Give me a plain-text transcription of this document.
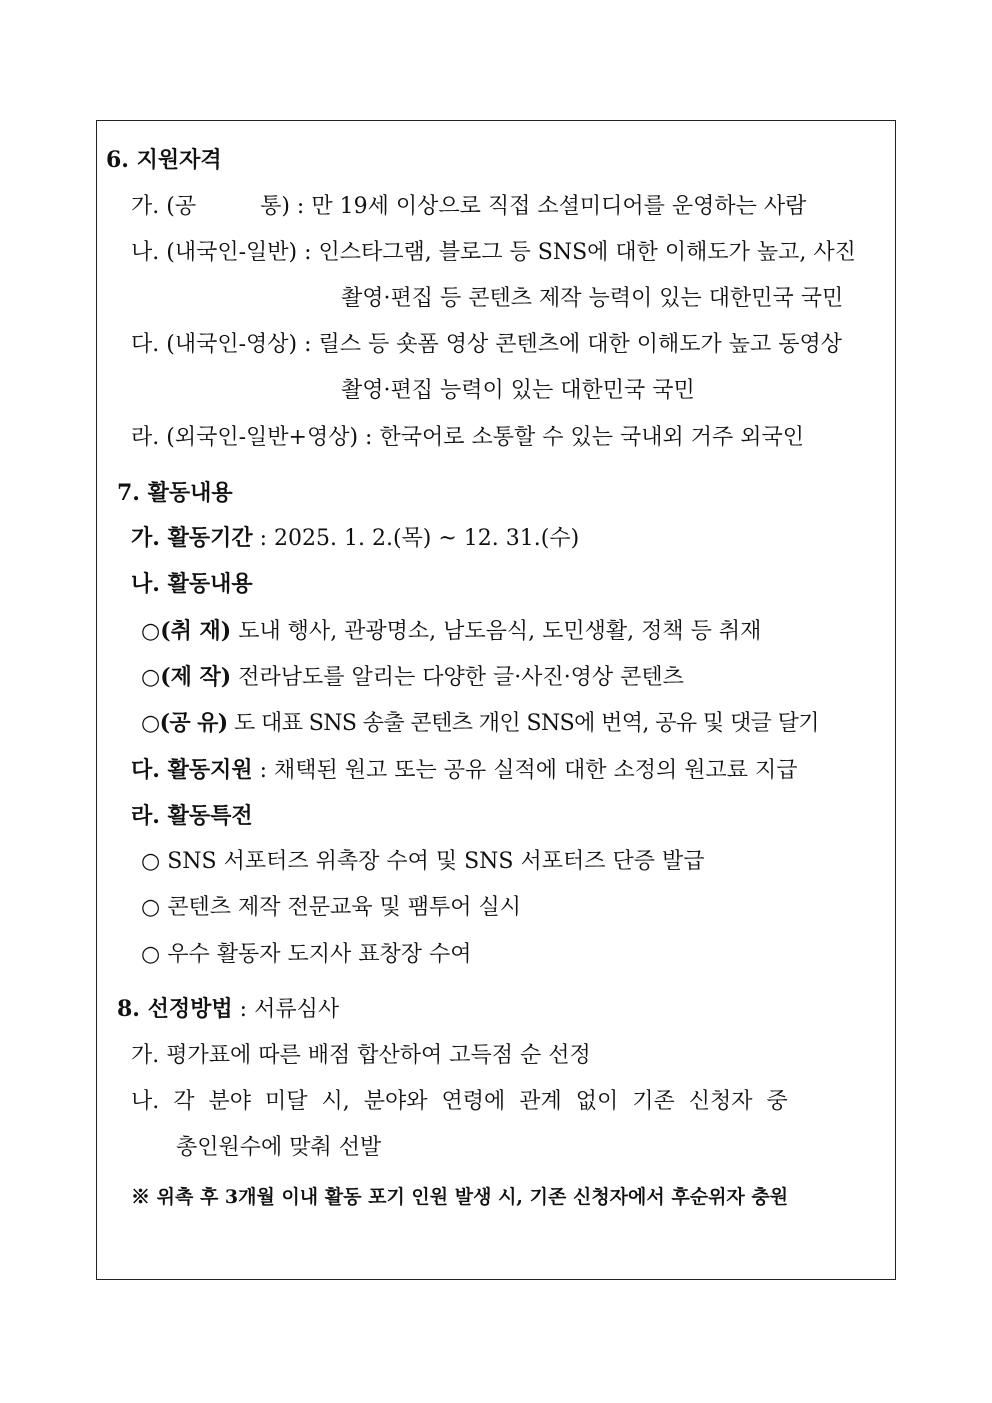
6. 지원자격
가. (공	통) : 만 19세 이상으로 직접 소셜미디어를 운영하는 사람
나. (내국인-일반) : 인스타그램, 블로그 등 SNS에 대한 이해도가 높고, 사진
촬영·편집 등 콘텐츠 제작 능력이 있는 대한민국 국민
다. (내국인-영상) : 릴스 등 숏폼 영상 콘텐츠에 대한 이해도가 높고 동영상
촬영·편집 능력이 있는 대한민국 국민
라. (외국인-일반+영상) : 한국어로 소통할 수 있는 국내외 거주 외국인
7. 활동내용
가. 활동기간 : 2025. 1. 2.(목) ~ 12. 31.(수)
나. 활동내용
○(취 재) 도내 행사, 관광명소, 남도음식, 도민생활, 정책 등 취재
○(제 작) 전라남도를 알리는 다양한 글·사진·영상 콘텐츠
○(공 유) 도 대표 SNS 송출 콘텐츠 개인 SNS에 번역, 공유 및 댓글 달기
다. 활동지원 : 채택된 원고 또는 공유 실적에 대한 소정의 원고료 지급
라. 활동특전
○ SNS 서포터즈 위촉장 수여 및 SNS 서포터즈 단증 발급
○ 콘텐츠 제작 전문교육 및 팸투어 실시
○ 우수 활동자 도지사 표창장 수여
8. 선정방법 : 서류심사
가. 평가표에 따른 배점 합산하여 고득점 순 선정
나. 각 분야 미달 시, 분야와 연령에 관계 없이 기존 신청자 중
총인원수에 맞춰 선발
※ 위촉 후 3개월 이내 활동 포기 인원 발생 시, 기존 신청자에서 후순위자 충원
